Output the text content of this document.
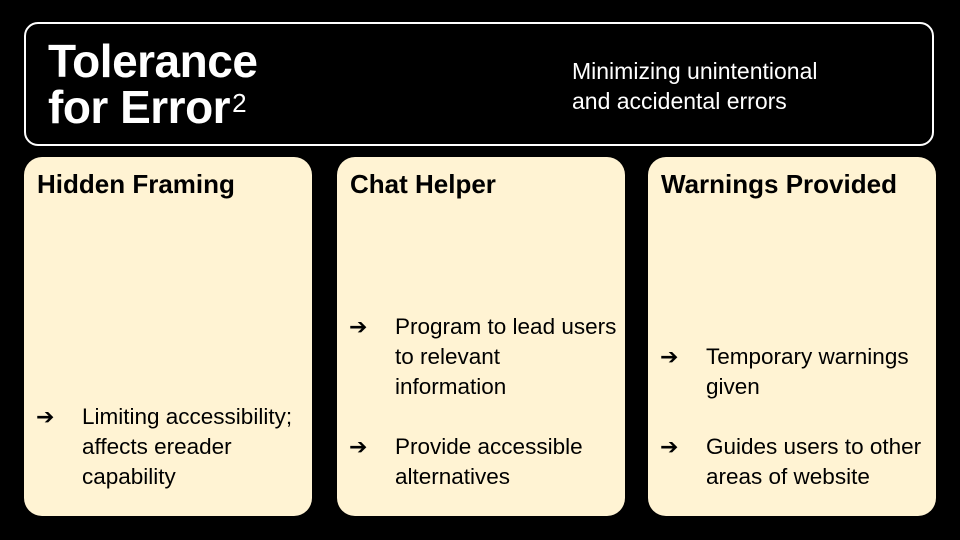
Tolerance
for Error$^2$

Minimizing unintentional
and accidental errors

Hidden Framing
➔	Limiting accessibility; affects ereader capability
Chat Helper
➔	Program to lead users to relevant information
➔	Provide accessible alternatives
Warnings Provided
➔	Temporary warnings given
➔	Guides users to other areas of website
